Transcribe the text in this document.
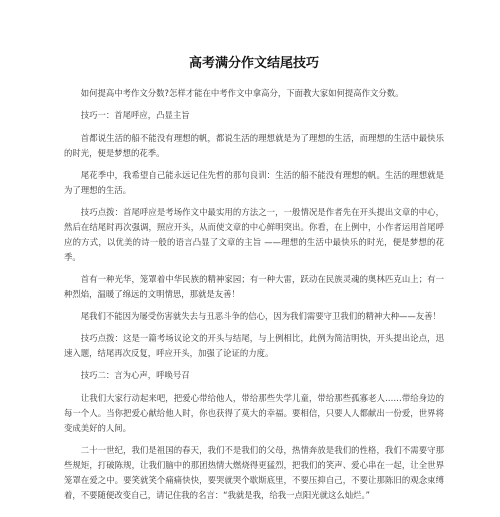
高考满分作文结尾技巧

如何提高中考作文分数?怎样才能在中考作文中拿高分，下面教大家如何提高作文分数。

技巧一：首尾呼应，凸显主旨

首都说生活的船不能没有理想的帆，都说生活的理想就是为了理想的生活，而理想的生活中最快乐的时光，便是梦想的花季。

尾花季中，我希望自己能永远记住先哲的那句良训：生活的船不能没有理想的帆。生活的理想就是为了理想的生活。

技巧点拨：首尾呼应是考场作文中最实用的方法之一，一般情况是作者先在开头提出文章的中心，然后在结尾时再次强调，照应开头，从而使文章的中心鲜明突出。你看，在上例中，小作者运用首尾呼应的方式，以优美的诗一般的语言凸显了文章的主旨 ——理想的生活中最快乐的时光，便是梦想的花季。

首有一种光华，笼罩着中华民族的精神家园；有一种大雷，跃动在民族灵魂的奥林匹克山上；有一种烈焰，温暖了绵远的文明情思，那就是友善！

尾我们不能因为屡受伤害就失去与丑恶斗争的信心，因为我们需要守卫我们的精神大种——友善！

技巧点拨：这是一篇考场议论文的开头与结尾，与上例相比，此例为简洁明快，开头提出论点，迅速入题，结尾再次反复，呼应开头，加强了论证的力度。

技巧二：言为心声，呼唤号召

让我们大家行动起来吧，把爱心带给他人，带给那些失学儿童，带给那些孤寡老人……带给身边的每一个人。当你把爱心献给他人时，你也获得了莫大的幸福。要相信，只要人人都献出一份爱，世界将变成美好的人间。

二十一世纪，我们是祖国的春天，我们不是我们的父母，热情奔放是我们的性格，我们不需要守那些规矩，打破陈规，让我们脑中的那团热情大燃烧得更猛烈，把我们的笑声、爱心串在一起，让全世界笼罩在爱之中。要笑就笑个痛痛快快，要哭就哭个歇斯底里，不要压抑自己，不要让那陈旧的观念束缚着，不要随便改变自己，请记住我的名言：“我就是我，给我一点阳光就这么灿烂。”
